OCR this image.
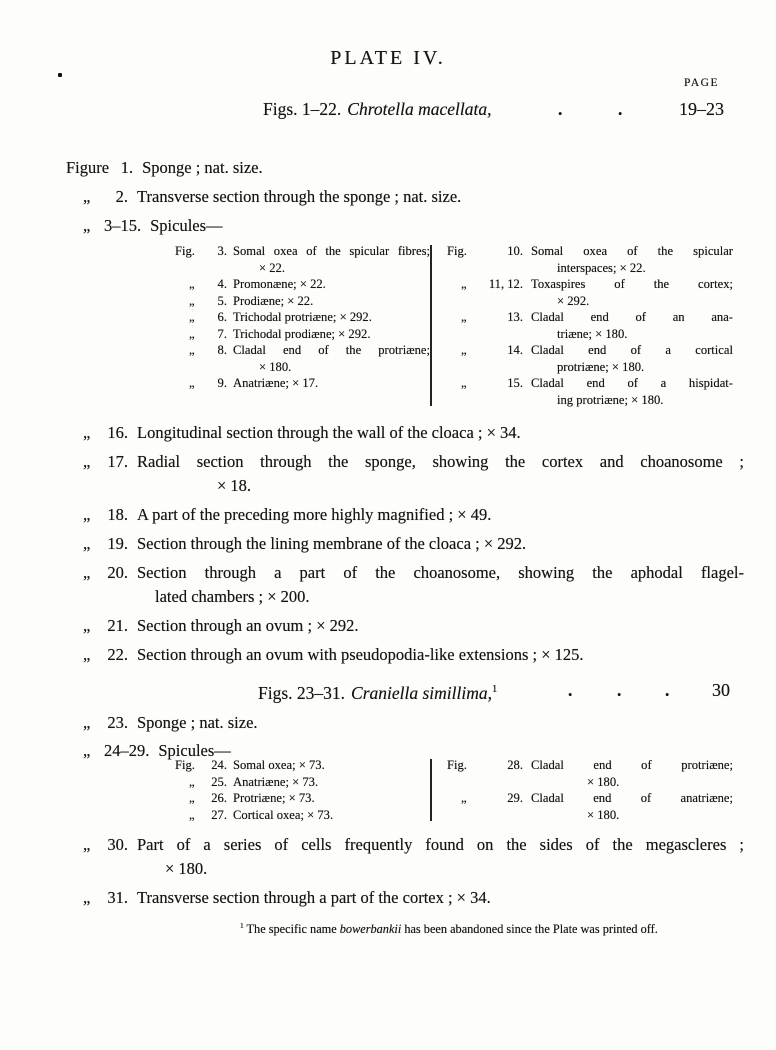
PLATE IV.
PAGE
Figs. 1–22. Chrotella macellata,	.	.	19–23
Figure 1. Sponge ; nat. size.
„	2. Transverse section through the sponge ; nat. size.
„ 3–15. Spicules—
Fig.	3. Somal oxea of the spicular fibres;
× 22.
„	4. Promonæne; × 22.
„	5. Prodiæne; × 22.
„	6. Trichodal protriæne; × 292.
„	7. Trichodal prodiæne; × 292.
„	8. Cladal end of the protriæne;
× 180.
„	9. Anatriæne; × 17.
Fig.	10. Somal oxea of the spicular
interspaces; × 22.
„	11, 12. Toxaspires of the cortex;
× 292.
„	13. Cladal end of an ana-
triæne; × 180.
„	14. Cladal end of a cortical
protriæne; × 180.
„	15. Cladal end of a hispidat-
ing protriæne; × 180.
„	16. Longitudinal section through the wall of the cloaca ; × 34.
„	17. Radial section through the sponge, showing the cortex and choanosome ;
× 18.
„	18. A part of the preceding more highly magnified ; × 49.
„	19. Section through the lining membrane of the cloaca ; × 292.
„	20. Section through a part of the choanosome, showing the aphodal flagel-
lated chambers ; × 200.
„	21. Section through an ovum ; × 292.
„	22. Section through an ovum with pseudopodia-like extensions ; × 125.
Figs. 23–31. Craniella simillima,$^1$	.	. . 30
„	23. Sponge ; nat. size.
„ 24–29. Spicules—
Fig.	24. Somal oxea; × 73.
„	25. Anatriæne; × 73.
„	26. Protriæne; × 73.
„	27. Cortical oxea; × 73.
Fig.	28. Cladal end of protriæne;
× 180.
„	29. Cladal end of anatriæne;
× 180.
„	30. Part of a series of cells frequently found on the sides of the megascleres ;
× 180.
„	31. Transverse section through a part of the cortex ; × 34.
$^1$ The specific name bowerbankii has been abandoned since the Plate was printed off.
